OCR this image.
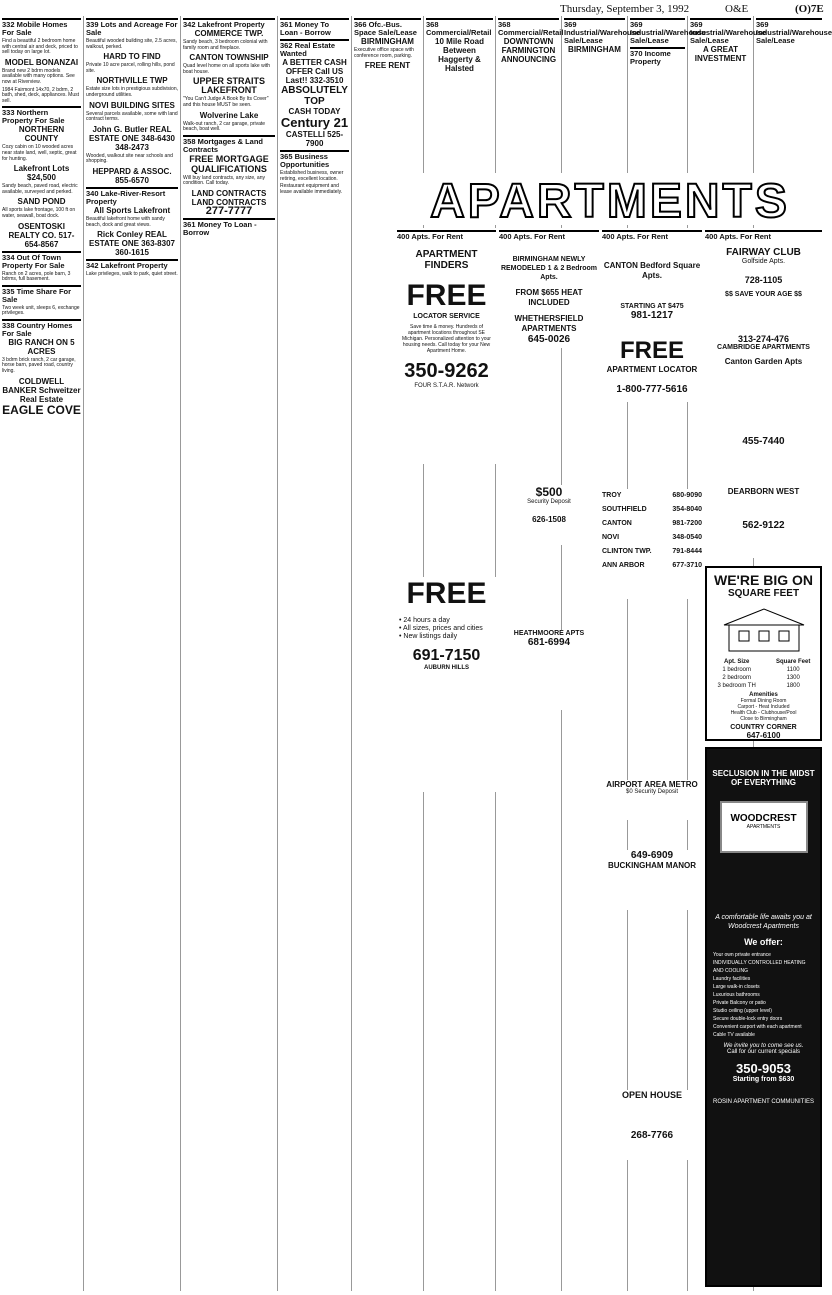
Thursday, September 3, 1992	O&E	(O)7E
332 Mobile Homes For Sale
Find a beautiful 2 bedroom home with central air and deck, priced to sell today on large lot.
MODEL BONANZAI
Brand new 2 bdrm models available with many options. See now at Riverview.
1984 Fairmont 14x70, 2 bdrm, 2 bath, shed, deck, appliances. Must sell.
333 Northern Property For Sale
NORTHERN COUNTY
Cozy cabin on 10 wooded acres near state land, well, septic, great for hunting.
Lakefront Lots $24,500
Sandy beach, paved road, electric available, surveyed and perked.
SAND POND
All sports lake frontage, 100 ft on water, seawall, boat dock.
OSENTOSKI REALTY CO. 517-654-8567
334 Out Of Town Property For Sale
Ranch on 2 acres, pole barn, 3 bdrms, full basement.
335 Time Share For Sale
Two week unit, sleeps 6, exchange privileges.
338 Country Homes For Sale
BIG RANCH ON 5 ACRES
3 bdrm brick ranch, 2 car garage, horse barn, paved road, country living.
COLDWELL BANKER Schweitzer Real Estate
EAGLE COVE
339 Lots and Acreage For Sale
Beautiful wooded building site, 2.5 acres, walkout, perked.
HARD TO FIND
Private 10 acre parcel, rolling hills, pond site.
NORTHVILLE TWP
Estate size lots in prestigious subdivision, underground utilities.
NOVI BUILDING SITES
Several parcels available, some with land contract terms.
John G. Butler REAL ESTATE ONE 348-6430 348-2473
Wooded, walkout site near schools and shopping.
HEPPARD & ASSOC. 855-6570
340 Lake-River-Resort Property
All Sports Lakefront
Beautiful lakefront home with sandy beach, dock and great views.
Rick Conley REAL ESTATE ONE 363-8307 360-1615
342 Lakefront Property
Lake privileges, walk to park, quiet street.
342 Lakefront Property
COMMERCE TWP.
Sandy beach, 3 bedroom colonial with family room and fireplace.
CANTON TOWNSHIP
Quad level home on all sports lake with boat house.
UPPER STRAITS LAKEFRONT
"You Can't Judge A Book By Its Cover" and this house MUST be seen.
Wolverine Lake
Walk-out ranch, 2 car garage, private beach, boat well.
358 Mortgages & Land Contracts
FREE MORTGAGE QUALIFICATIONS
Will buy land contracts, any size, any condition. Call today.
LAND CONTRACTS LAND CONTRACTS
277-7777
361 Money To Loan - Borrow
361 Money To Loan - Borrow
362 Real Estate Wanted
A BETTER CASH OFFER Call US Last!! 332-3510
ABSOLUTELY TOP
CASH TODAY
Century 21
CASTELLI 525-7900
365 Business Opportunities
Established business, owner retiring, excellent location.
Restaurant equipment and lease available immediately.
366 Ofc.-Bus. Space Sale/Lease
BIRMINGHAM
Executive office space with conference room, parking.
FREE RENT
368 Commercial/Retail
10 Mile Road Between Haggerty & Halsted
368 Commercial/Retail
DOWNTOWN FARMINGTON
ANNOUNCING
369 Industrial/Warehouse Sale/Lease
BIRMINGHAM
369 Industrial/Warehouse Sale/Lease
370 Income Property
369 Industrial/Warehouse Sale/Lease
A GREAT INVESTMENT
369 Industrial/Warehouse Sale/Lease
APARTMENTS
400 Apts. For Rent
APARTMENT
FINDERS
FREE
LOCATOR SERVICE
Save time & money. Hundreds of apartment locations throughout SE Michigan. Personalized attention to your housing needs. Call today for your New Apartment Home.
350-9262
FOUR S.T.A.R. Network
FREE
• 24 hours a day
• All sizes, prices and cities
• New listings daily
691-7150
AUBURN HILLS
400 Apts. For Rent
BIRMINGHAM NEWLY REMODELED 1 & 2 Bedroom Apts.
FROM $655 HEAT INCLUDED
WHETHERSFIELD APARTMENTS
645-0026
$500
Security Deposit
626-1508
HEATHMOORE APTS
681-6994
400 Apts. For Rent
CANTON Bedford Square Apts.
STARTING AT $475
981-1217
FREE
APARTMENT LOCATOR
1-800-777-5616
TROY	680-9090
SOUTHFIELD	354-8040
CANTON	981-7200
NOVI	348-0540
CLINTON TWP.	791-8444
ANN ARBOR	677-3710
400 Apts. For Rent
FAIRWAY CLUB
Golfside Apts.
728-1105
$$ SAVE YOUR AGE $$
313-274-476
CAMBRIDGE APARTMENTS
Canton Garden Apts
455-7440
DEARBORN WEST
562-9122
AIRPORT AREA METRO
$0 Security Deposit
649-6909
BUCKINGHAM MANOR
OPEN HOUSE
268-7766
WE'RE BIG ON
SQUARE FEET
Apt. Size	Square Feet
1 bedroom	1100
2 bedroom	1300
3 bedroom TH	1800
Amenities
Formal Dining Room
Carport - Heat Included
Health Club - Clubhouse/Pool
Close to Birmingham
COUNTRY CORNER
647-6100
SECLUSION IN THE MIDST OF EVERYTHING
WOODCREST
APARTMENTS
A comfortable life awaits you at Woodcrest Apartments
We offer:
Your own private entrance
INDIVIDUALLY CONTROLLED HEATING AND COOLING
Laundry facilities
Large walk-in closets
Luxurious bathrooms
Private Balcony or patio
Studio ceiling (upper level)
Secure double-lock entry doors
Convenient carport with each apartment
Cable TV available
We invite you to come see us.
Call for our current specials
350-9053
Starting from $630
ROSIN APARTMENT COMMUNITIES
